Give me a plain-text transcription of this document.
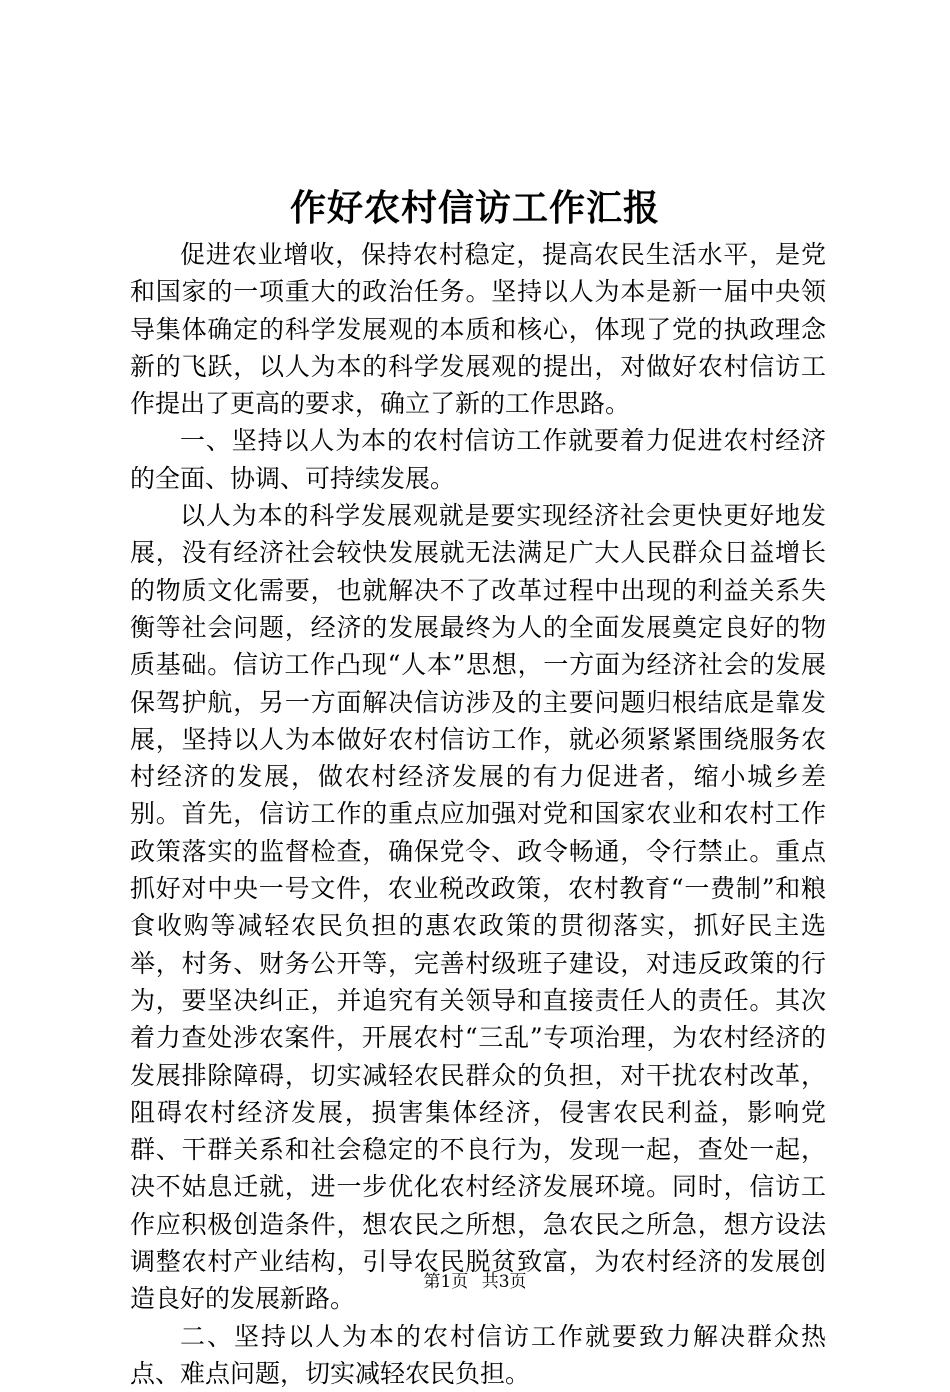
作好农村信访工作汇报

促进农业增收，保持农村稳定，提高农民生活水平，是党和国家的一项重大的政治任务。坚持以人为本是新一届中央领导集体确定的科学发展观的本质和核心，体现了党的执政理念新的飞跃，以人为本的科学发展观的提出，对做好农村信访工作提出了更高的要求，确立了新的工作思路。

一、坚持以人为本的农村信访工作就要着力促进农村经济的全面、协调、可持续发展。

以人为本的科学发展观就是要实现经济社会更快更好地发展，没有经济社会较快发展就无法满足广大人民群众日益增长的物质文化需要，也就解决不了改革过程中出现的利益关系失衡等社会问题，经济的发展最终为人的全面发展奠定良好的物质基础。信访工作凸现“人本”思想，一方面为经济社会的发展保驾护航，另一方面解决信访涉及的主要问题归根结底是靠发展，坚持以人为本做好农村信访工作，就必须紧紧围绕服务农村经济的发展，做农村经济发展的有力促进者，缩小城乡差别。首先，信访工作的重点应加强对党和国家农业和农村工作政策落实的监督检查，确保党令、政令畅通，令行禁止。重点抓好对中央一号文件，农业税改政策，农村教育“一费制”和粮食收购等减轻农民负担的惠农政策的贯彻落实，抓好民主选举，村务、财务公开等，完善村级班子建设，对违反政策的行为，要坚决纠正，并追究有关领导和直接责任人的责任。其次着力查处涉农案件，开展农村“三乱”专项治理，为农村经济的发展排除障碍，切实减轻农民群众的负担，对干扰农村改革，阻碍农村经济发展，损害集体经济，侵害农民利益，影响党群、干群关系和社会稳定的不良行为，发现一起，查处一起，决不姑息迁就，进一步优化农村经济发展环境。同时，信访工作应积极创造条件，想农民之所想，急农民之所急，想方设法调整农村产业结构，引导农民脱贫致富，为农村经济的发展创造良好的发展新路。

二、坚持以人为本的农村信访工作就要致力解决群众热点、难点问题，切实减轻农民负担。

第1页 共3页
